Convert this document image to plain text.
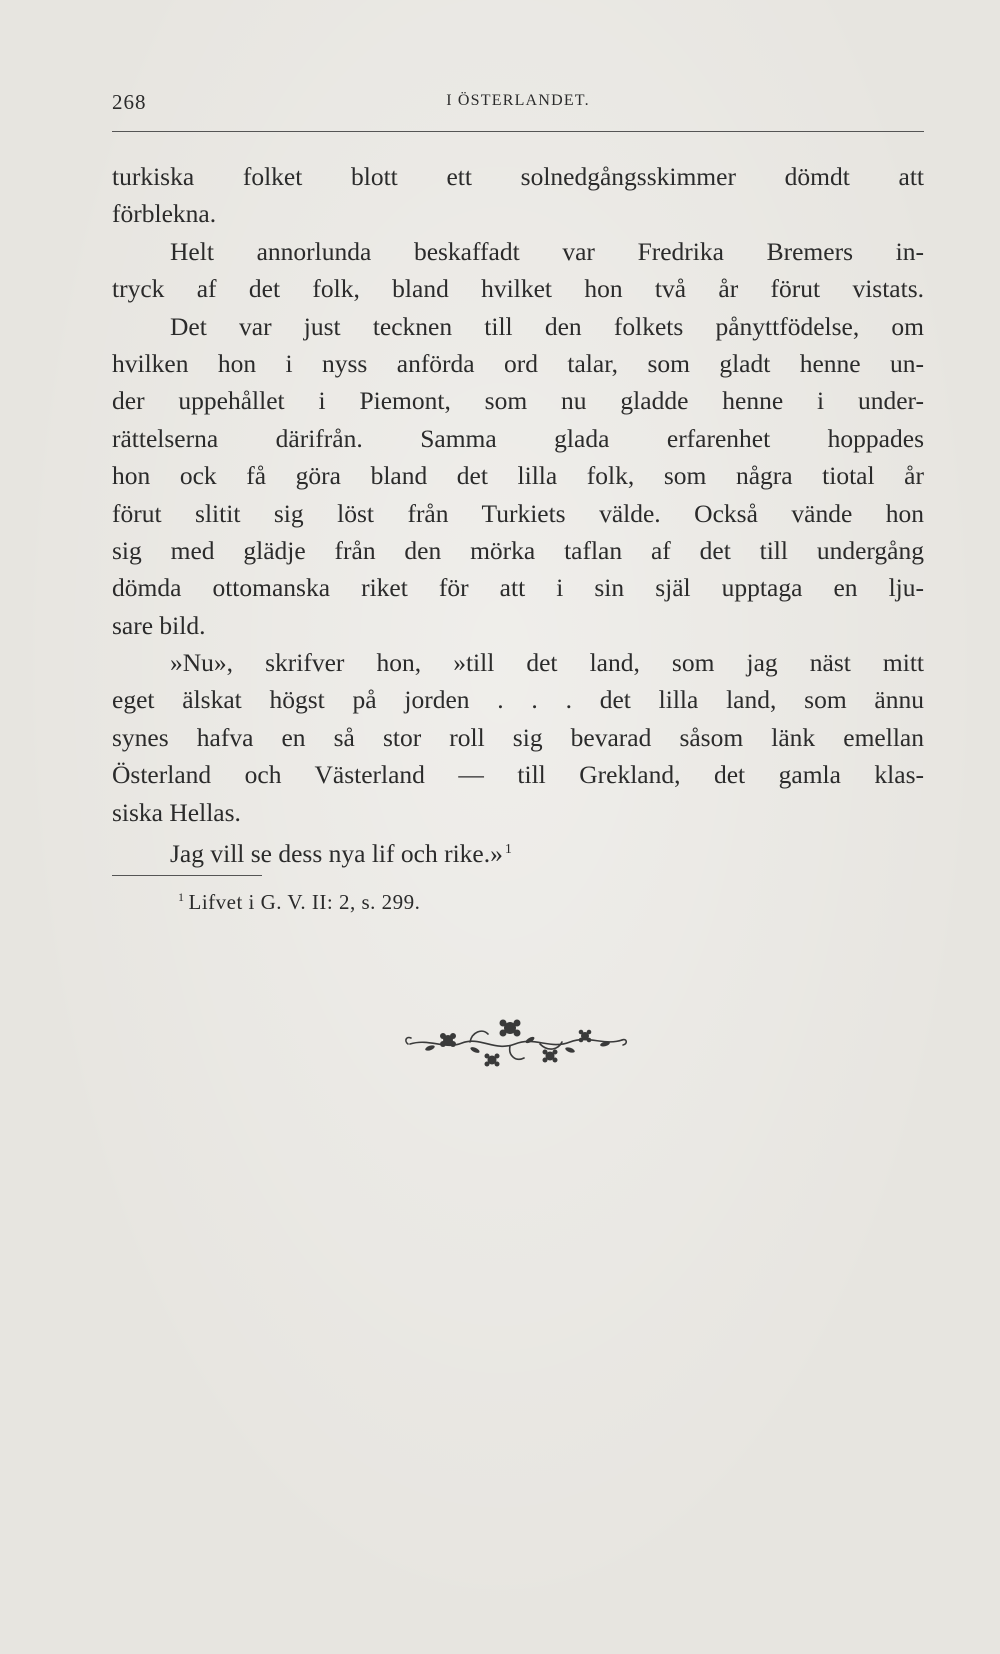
268	I ÖSTERLANDET.
turkiska folket blott ett solnedgångsskimmer dömdt att
förblekna.
Helt annorlunda beskaffadt var Fredrika Bremers in-
tryck af det folk, bland hvilket hon två år förut vistats.
Det var just tecknen till den folkets pånyttfödelse, om
hvilken hon i nyss anförda ord talar, som gladt henne un-
der uppehållet i Piemont, som nu gladde henne i under-
rättelserna därifrån. Samma glada erfarenhet hoppades
hon ock få göra bland det lilla folk, som några tiotal år
förut slitit sig löst från Turkiets välde. Också vände hon
sig med glädje från den mörka taflan af det till undergång
dömda ottomanska riket för att i sin själ upptaga en lju-
sare bild.
»Nu», skrifver hon, »till det land, som jag näst mitt
eget älskat högst på jorden . . . det lilla land, som ännu
synes hafva en så stor roll sig bevarad såsom länk emellan
Österland och Västerland — till Grekland, det gamla klas-
siska Hellas.
Jag vill se dess nya lif och rike.» $^1$
$^1$ Lifvet i G. V. II: 2, s. 299.
